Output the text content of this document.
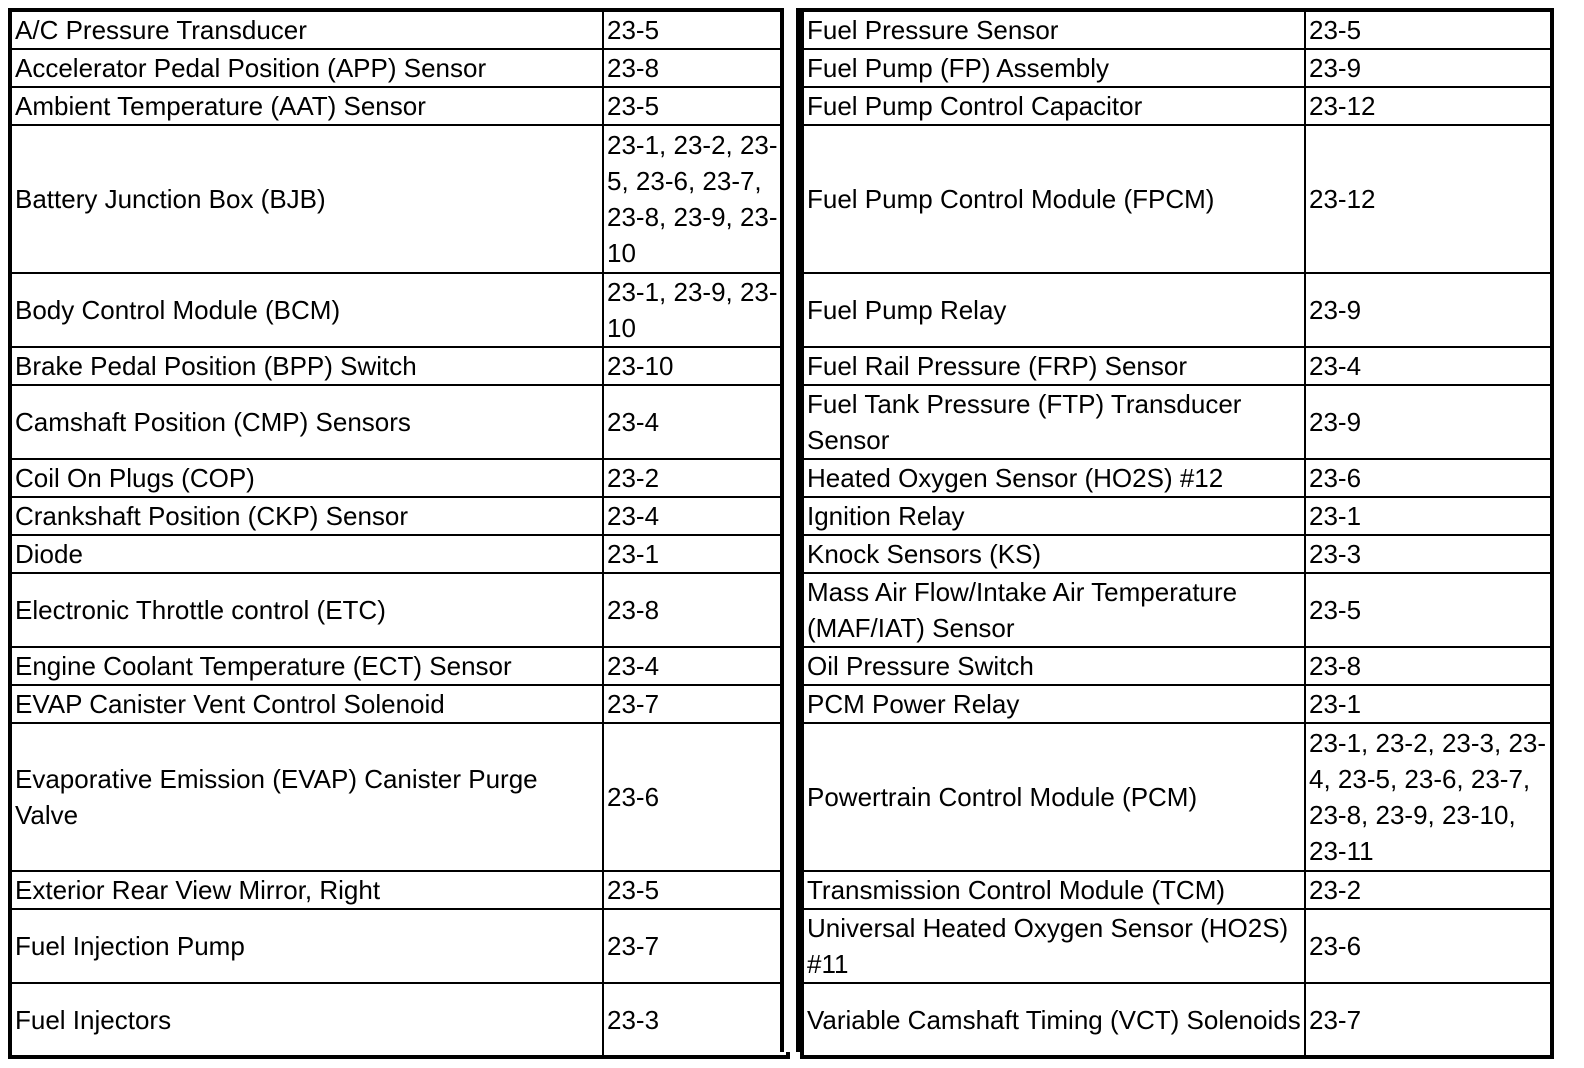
A/C Pressure Transducer	23-5
Accelerator Pedal Position (APP) Sensor	23-8
Ambient Temperature (AAT) Sensor	23-5
Battery Junction Box (BJB)	23-1, 23-2, 23-5, 23-6, 23-7, 23-8, 23-9, 23-10
Body Control Module (BCM)	23-1, 23-9, 23-10
Brake Pedal Position (BPP) Switch	23-10
Camshaft Position (CMP) Sensors	23-4
Coil On Plugs (COP)	23-2
Crankshaft Position (CKP) Sensor	23-4
Diode	23-1
Electronic Throttle control (ETC)	23-8
Engine Coolant Temperature (ECT) Sensor	23-4
EVAP Canister Vent Control Solenoid	23-7
Evaporative Emission (EVAP) Canister Purge Valve	23-6
Exterior Rear View Mirror, Right	23-5
Fuel Injection Pump	23-7
Fuel Injectors	23-3
Fuel Pressure Sensor	23-5
Fuel Pump (FP) Assembly	23-9
Fuel Pump Control Capacitor	23-12
Fuel Pump Control Module (FPCM)	23-12
Fuel Pump Relay	23-9
Fuel Rail Pressure (FRP) Sensor	23-4
Fuel Tank Pressure (FTP) Transducer Sensor	23-9
Heated Oxygen Sensor (HO2S) #12	23-6
Ignition Relay	23-1
Knock Sensors (KS)	23-3
Mass Air Flow/Intake Air Temperature (MAF/IAT) Sensor	23-5
Oil Pressure Switch	23-8
PCM Power Relay	23-1
Powertrain Control Module (PCM)	23-1, 23-2, 23-3, 23-4, 23-5, 23-6, 23-7, 23-8, 23-9, 23-10, 23-11
Transmission Control Module (TCM)	23-2
Universal Heated Oxygen Sensor (HO2S) #11	23-6
Variable Camshaft Timing (VCT) Solenoids	23-7
